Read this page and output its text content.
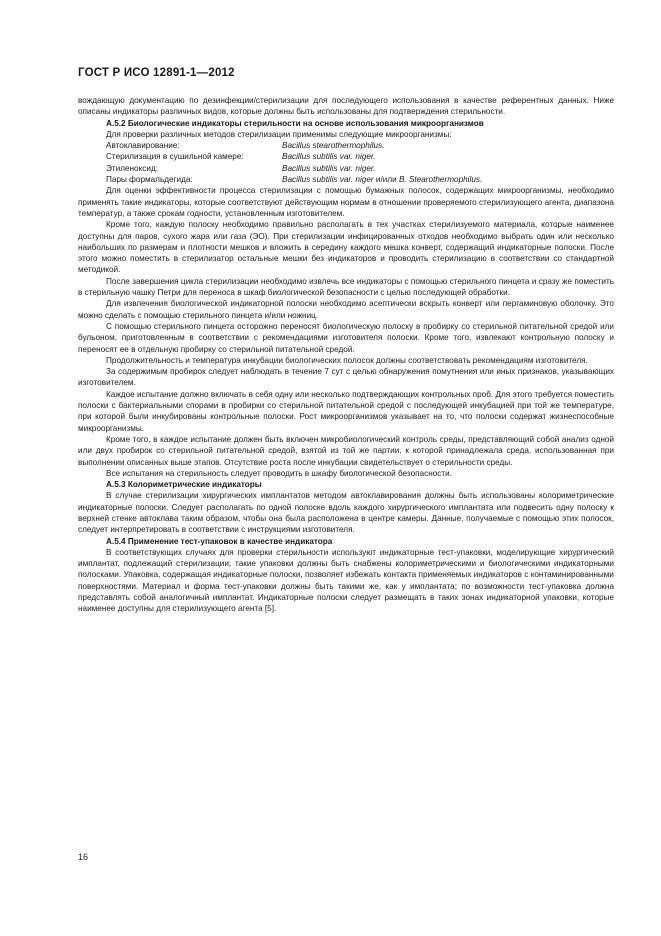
ГОСТ Р ИСО 12891-1—2012

вождающую документацию по дезинфекции/стерилизации для последующего использования в качестве референтных данных. Ниже описаны индикаторы различных видов, которые должны быть использованы для подтверждения стерильности.

А.5.2 Биологические индикаторы стерильности на основе использования микроорганизмов

Для проверки различных методов стерилизации применимы следующие микроорганизмы:

Автоклавирование:	Bacillus stearothermophilus.
Стерилизация в сушильной камере:	Bacillus subtilis var. niger.
Этиленоксид:	Bacillus subtilis var. niger.
Пары формальдегида:	Bacillus subtilis var. niger и/или B. Stearothermophilus.

Для оценки эффективности процесса стерилизации с помощью бумажных полосок, содержащих микроорганизмы, необходимо применять такие индикаторы, которые соответствуют действующим нормам в отношении проверяемого стерилизующего агента, диапазона температур, а также срокам годности, установленным изготовителем.

Кроме того, каждую полоску необходимо правильно располагать в тех участках стерилизуемого материала, которые наименее доступны для паров, сухого жара или газа (ЭО). При стерилизации инфицированных отходов необходимо выбрать один или несколько наибольших по размерам и плотности мешков и вложить в середину каждого мешка конверт, содержащий индикаторные полоски. После этого можно поместить в стерилизатор остальные мешки без индикаторов и проводить стерилизацию в соответствии со стандартной методикой.

После завершения цикла стерилизации необходимо извлечь все индикаторы с помощью стерильного пинцета и сразу же поместить в стерильную чашку Петри для переноса в шкаф биологической безопасности с целью последующей обработки.

Для извлечения биологической индикаторной полоски необходимо асептически вскрыть конверт или пергаминовую оболочку. Это можно сделать с помощью стерильного пинцета и/или ножниц.

С помощью стерильного пинцета осторожно переносят биологическую полоску в пробирку со стерильной питательной средой или бульоном, приготовленным в соответствии с рекомендациями изготовителя полоски. Кроме того, извлекают контрольную полоску и переносят ее в отдельную пробирку со стерильной питательной средой.

Продолжительность и температура инкубации биологических полосок должны соответствовать рекомендациям изготовителя.

За содержимым пробирок следует наблюдать в течение 7 сут с целью обнаружения помутнения или иных признаков, указывающих изготовителем.

Каждое испытание должно включать в себя одну или несколько подтверждающих контрольных проб. Для этого требуется поместить полоски с бактериальными спорами в пробирки со стерильной питательной средой с последующей инкубацией при той же температуре, при которой были инкубированы контрольные полоски. Рост микроорганизмов указывает на то, что полоски содержат жизнеспособные микроорганизмы.

Кроме того, в каждое испытание должен быть включен микробиологический контроль среды, представляющий собой анализ одной или двух пробирок со стерильной питательной средой, взятой из той же партии, к которой принадлежала среда, использованная при выполнении описанных выше этапов. Отсутствие роста после инкубации свидетельствует о стерильности среды.

Все испытания на стерильность следует проводить в шкафу биологической безопасности.

А.5.3 Колориметрические индикаторы

В случае стерилизации хирургических имплантатов методом автоклавирования должны быть использованы колориметрические индикаторные полоски. Следует располагать по одной полоске вдоль каждого хирургического имплантата или подвесить одну полоску к верхней стенке автоклава таким образом, чтобы она была расположена в центре камеры. Данные, получаемые с помощью этих полосок, следует интерпретировать в соответствии с инструкциями изготовителя.

А.5.4 Применение тест-упаковок в качестве индикатора

В соответствующих случаях для проверки стерильности используют индикаторные тест-упаковки, моделирующие хирургический имплантат, подлежащий стерилизации; такие упаковки должны быть снабжены колориметрическими и биологическими индикаторными полосками. Упаковка, содержащая индикаторные полоски, позволяет избежать контакта применяемых индикаторов с контаминированными поверхностями. Материал и форма тест-упаковки должны быть такими же, как у имплантата; по возможности тест-упаковка должна представлять собой аналогичный имплантат. Индикаторные полоски следует размещать в таких зонах индикаторной упаковки, которые наименее доступны для стерилизующего агента [5].

16
